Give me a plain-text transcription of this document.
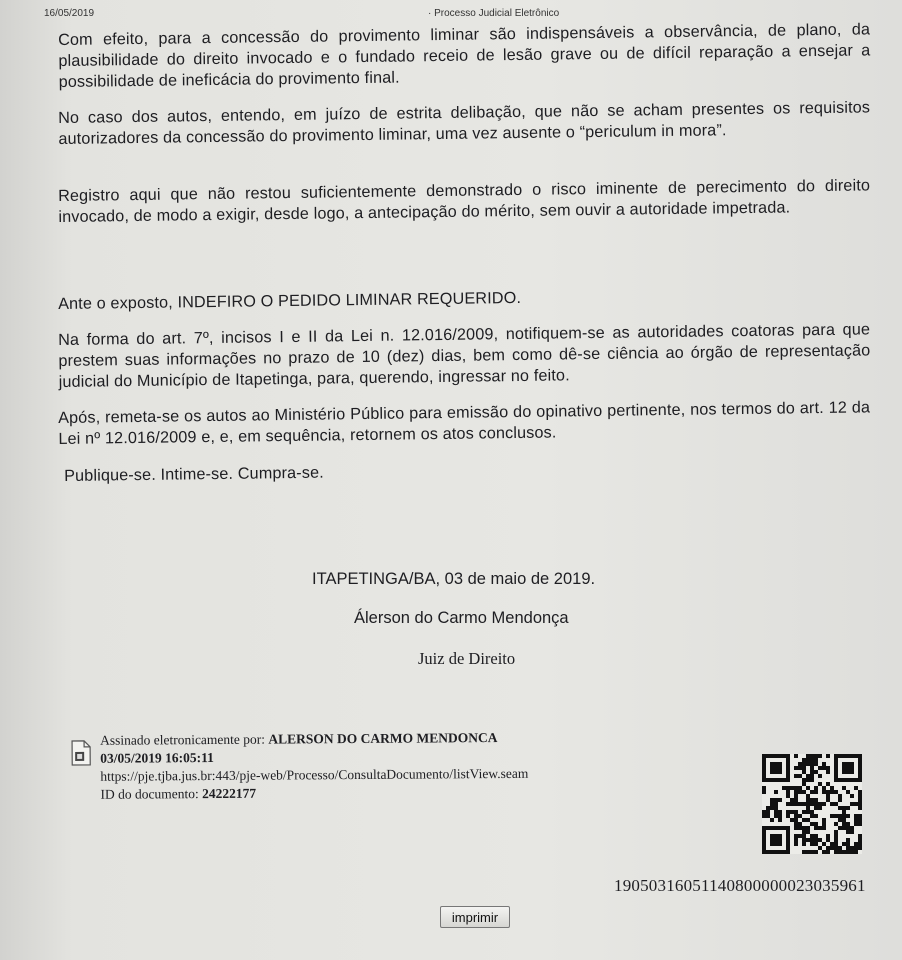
16/05/2019	· Processo Judicial Eletrônico

Com efeito, para a concessão do provimento liminar são indispensáveis a observância, de plano, da plausibilidade do direito invocado e o fundado receio de lesão grave ou de difícil reparação a ensejar a possibilidade de ineficácia do provimento final.

No caso dos autos, entendo, em juízo de estrita delibação, que não se acham presentes os requisitos autorizadores da concessão do provimento liminar, uma vez ausente o “periculum in mora”.

Registro aqui que não restou suficientemente demonstrado o risco iminente de perecimento do direito invocado, de modo a exigir, desde logo, a antecipação do mérito, sem ouvir a autoridade impetrada.

Ante o exposto, INDEFIRO O PEDIDO LIMINAR REQUERIDO.

Na forma do art. 7º, incisos I e II da Lei n. 12.016/2009, notifiquem-se as autoridades coatoras para que prestem suas informações no prazo de 10 (dez) dias, bem como dê-se ciência ao órgão de representação judicial do Município de Itapetinga, para, querendo, ingressar no feito.

Após, remeta-se os autos ao Ministério Público para emissão do opinativo pertinente, nos termos do art. 12 da Lei nº 12.016/2009 e, e, em sequência, retornem os atos conclusos.

Publique-se. Intime-se. Cumpra-se.

ITAPETINGA/BA, 03 de maio de 2019.
Álerson do Carmo Mendonça
Juiz de Direito
Assinado eletronicamente por: ALERSON DO CARMO MENDONCA
03/05/2019 16:05:11
https://pje.tjba.jus.br:443/pje-web/Processo/ConsultaDocumento/listView.seam
ID do documento: 24222177
19050316051140800000023035961
imprimir
